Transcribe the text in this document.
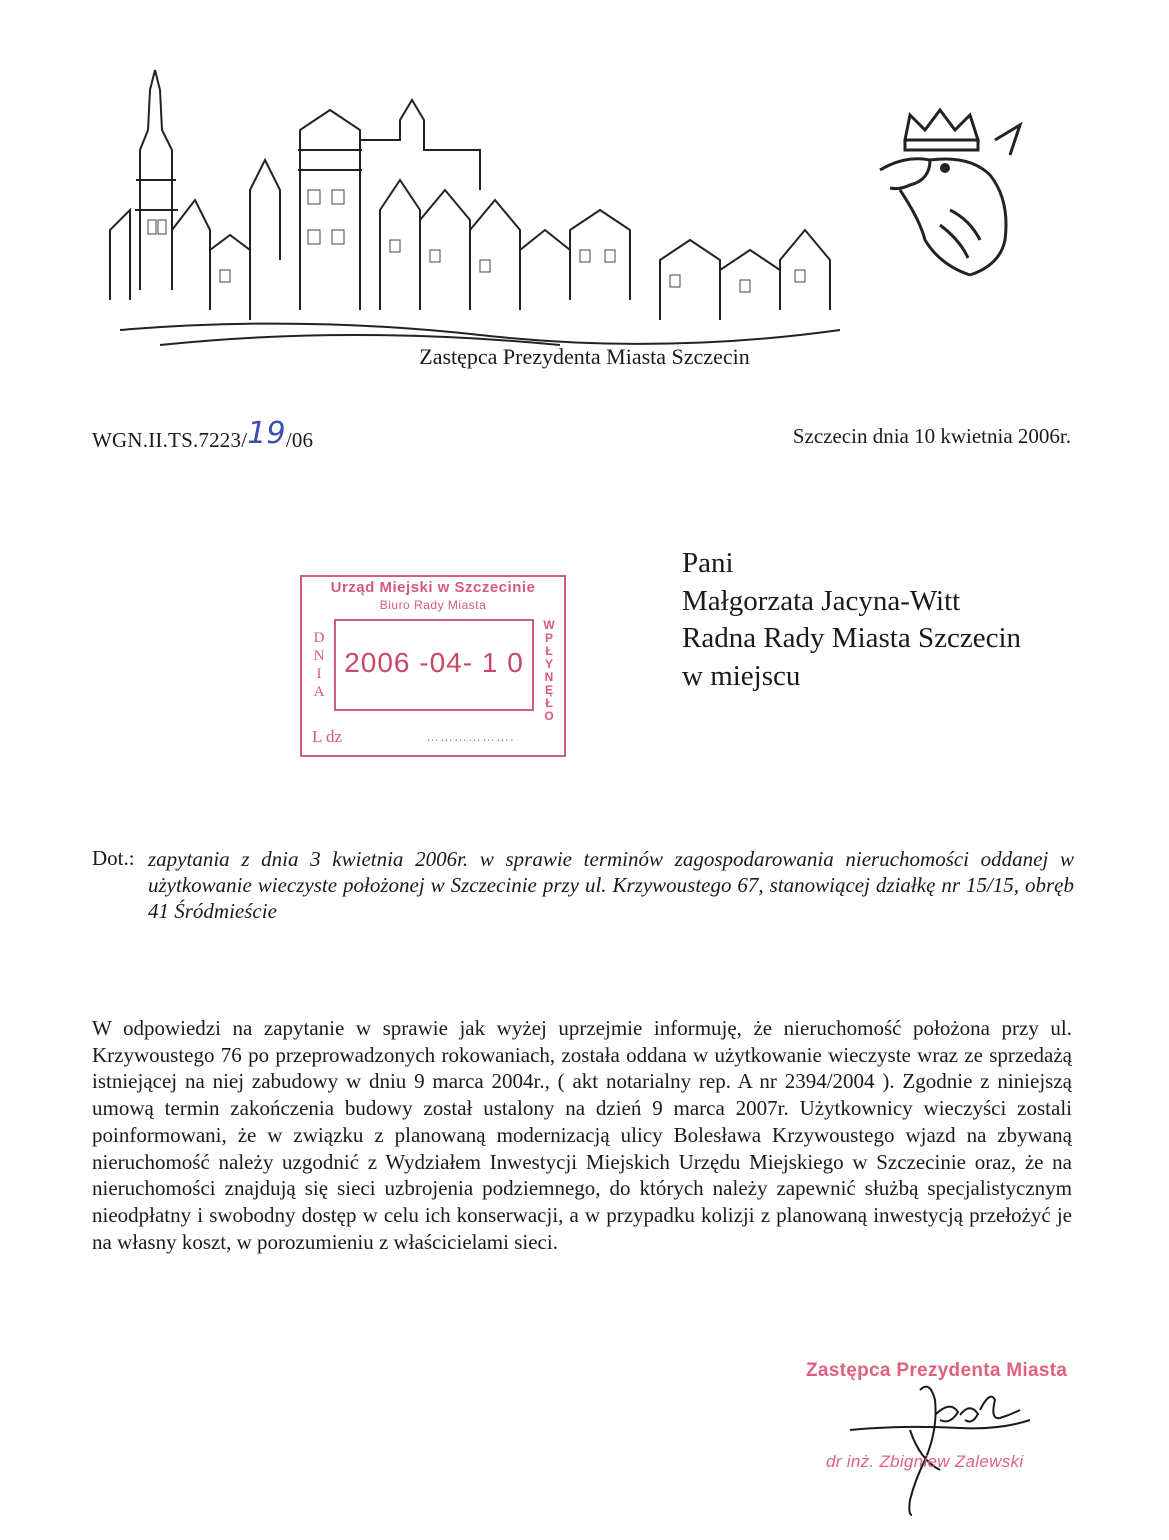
Zastępca Prezydenta Miasta Szczecin
WGN.II.TS.7223/19/06	Szczecin dnia 10 kwietnia 2006r.
Urząd Miejski w Szczecinie
Biuro Rady Miasta
D
N
I
A
2006 -04- 1 0
W
P
Ł
Y
N
Ę
Ł
O
L dz	……………….
Pani
Małgorzata Jacyna-Witt
Radna Rady Miasta Szczecin
w miejscu
Dot.: zapytania z dnia 3 kwietnia 2006r. w sprawie terminów zagospodarowania nieruchomości oddanej w użytkowanie wieczyste położonej w Szczecinie przy ul. Krzywoustego 67, stanowiącej działkę nr 15/15, obręb 41 Śródmieście
W odpowiedzi na zapytanie w sprawie jak wyżej uprzejmie informuję, że nieruchomość położona przy ul. Krzywoustego 76 po przeprowadzonych rokowaniach, została oddana w użytkowanie wieczyste wraz ze sprzedażą istniejącej na niej zabudowy w dniu 9 marca 2004r., ( akt notarialny rep. A nr 2394/2004 ). Zgodnie z niniejszą umową termin zakończenia budowy został ustalony na dzień 9 marca 2007r. Użytkownicy wieczyści zostali poinformowani, że w związku z planowaną modernizacją ulicy Bolesława Krzywoustego wjazd na zbywaną nieruchomość należy uzgodnić z Wydziałem Inwestycji Miejskich Urzędu Miejskiego w Szczecinie oraz, że na nieruchomości znajdują się sieci uzbrojenia podziemnego, do których należy zapewnić służbą specjalistycznym nieodpłatny i swobodny dostęp w celu ich konserwacji, a w przypadku kolizji z planowaną inwestycją przełożyć je na własny koszt, w porozumieniu z właścicielami sieci.
Zastępca Prezydenta Miasta
dr inż. Zbigniew Zalewski
